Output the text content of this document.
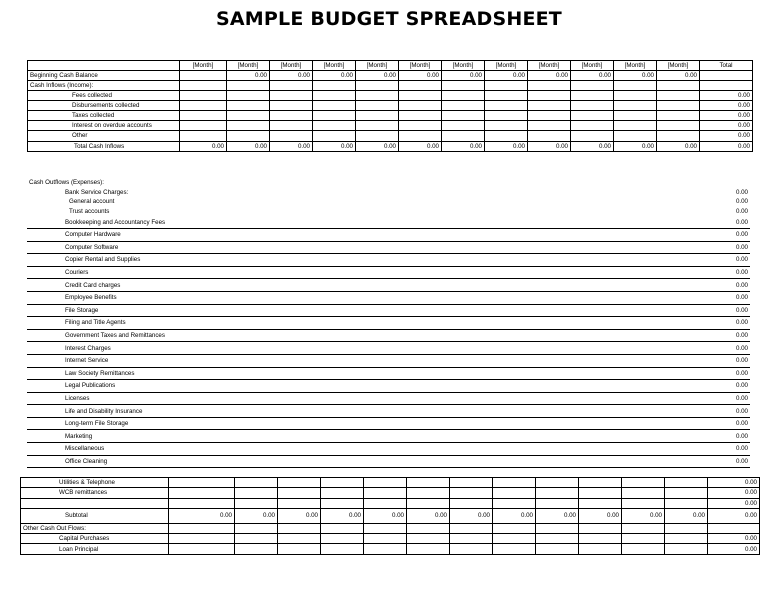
SAMPLE BUDGET SPREADSHEET
	[Month]	[Month]	[Month]	[Month]	[Month]	[Month]	[Month]	[Month]	[Month]	[Month]	[Month]	[Month]	Total
Beginning Cash Balance		0.00	0.00	0.00	0.00	0.00	0.00	0.00	0.00	0.00	0.00	0.00	
Cash Inflows (Income):													
Fees collected													0.00
Disbursements collected													0.00
Taxes collected													0.00
Interest on overdue accounts													0.00
Other													0.00
Total Cash Inflows	0.00	0.00	0.00	0.00	0.00	0.00	0.00	0.00	0.00	0.00	0.00	0.00	0.00
Cash Outflows (Expenses):	
Bank Service Charges:	0.00
General account	0.00
Trust accounts	0.00
Bookkeeping and Accountancy Fees	0.00
Computer Hardware	0.00
Computer Software	0.00
Copier Rental and Supplies	0.00
Couriers	0.00
Credit Card charges	0.00
Employee Benefits	0.00
File Storage	0.00
Filing and Title Agents	0.00
Government Taxes and Remittances	0.00
Interest Charges	0.00
Internet Service	0.00
Law Society Remittances	0.00
Legal Publications	0.00
Licenses	0.00
Life and Disability Insurance	0.00
Long-term File Storage	0.00
Marketing	0.00
Miscellaneous	0.00
Office Cleaning	0.00
Utilities & Telephone													0.00
WCB remittances													0.00
													0.00
Subtotal	0.00	0.00	0.00	0.00	0.00	0.00	0.00	0.00	0.00	0.00	0.00	0.00	0.00
Other Cash Out Flows:													
Capital Purchases													0.00
Loan Principal													0.00
